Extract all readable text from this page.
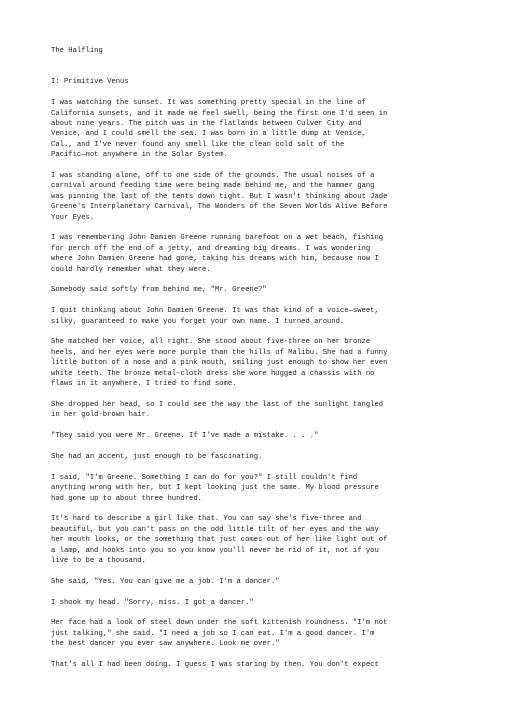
The Halfling
I: Primitive Venus
I was watching the sunset. It was something pretty special in the line of
California sunsets, and it made me feel swell, being the first one I'd seen in
about nine years. The pitch was in the flatlands between Culver City and
Venice, and I could smell the sea. I was born in a little dump at Venice,
Cal., and I've never found any smell like the clean cold salt of the
Pacific—not anywhere in the Solar System.
I was standing alone, off to one side of the grounds. The usual noises of a
carnival around feeding time were being made behind me, and the hammer gang
was pinning the last of the tents down tight. But I wasn't thinking about Jade
Greene's Interplanetary Carnival, The Wonders of the Seven Worlds Alive Before
Your Eyes.
I was remembering John Damien Greene running barefoot on a wet beach, fishing
for perch off the end of a jetty, and dreaming big dreams. I was wondering
where John Damien Greene had gone, taking his dreams with him, because now I
could hardly remember what they were.
Somebody said softly from behind me, "Mr. Greene?"
I quit thinking about John Damien Greene. It was that kind of a voice—sweet,
silky, guaranteed to make you forget your own name. I turned around.
She matched her voice, all right. She stood about five-three on her bronze
heels, and her eyes were more purple than the hills of Malibu. She had a funny
little button of a nose and a pink mouth, smiling just enough to show her even
white teeth. The bronze metal-cloth dress she wore hugged a chassis with no
flaws in it anywhere. I tried to find some.
She dropped her head, so I could see the way the last of the sunlight tangled
in her gold-brown hair.
"They said you were Mr. Greene. If I've made a mistake. . . ."
She had an accent, just enough to be fascinating.
I said, "I'm Greene. Something I can do for you?" I still couldn't find
anything wrong with her, but I kept looking just the same. My blood pressure
had gone up to about three hundred.
It's hard to describe a girl like that. You can say she's five-three and
beautiful, but you can't pass on the odd little tilt of her eyes and the way
her mouth looks, or the something that just comes out of her like light out of
a lamp, and hooks into you so you know you'll never be rid of it, not if you
live to be a thousand.
She said, "Yes. You can give me a job. I'm a dancer."
I shook my head. "Sorry, miss. I got a dancer."
Her face had a look of steel down under the soft kittenish roundness. "I'm not
just talking," she said. "I need a job so I can eat. I'm a good dancer. I'm
the best dancer you ever saw anywhere. Look me over."
That's all I had been doing. I guess I was staring by then. You don't expect
